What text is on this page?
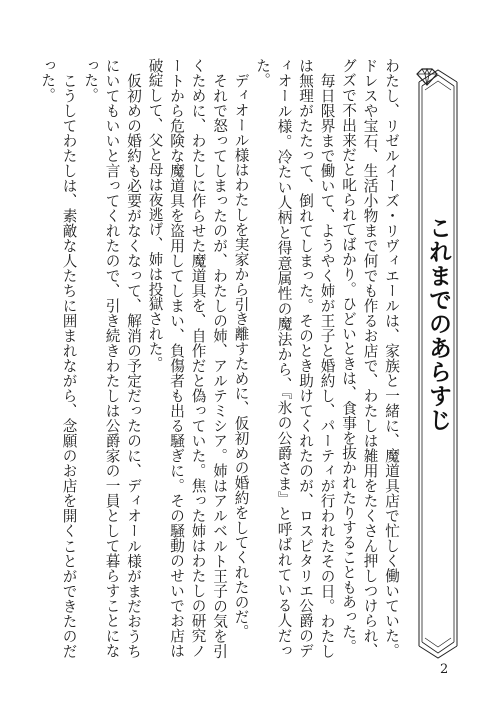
これまでのあらすじ

わたし、リゼルイーズ・リヴィエールは、家族と一緒に、魔道具店で忙しく働いていた。ドレスや宝石、生活小物まで何でも作るお店で、わたしは雑用をたくさん押しつけられ、グズで不出来だと叱られてばかり。ひどいときは、食事を抜かれたりすることもあった。

毎日限界まで働いて、ようやく姉が王子と婚約し、パーティが行われたその日。わたしは無理がたたって、倒れてしまった。そのとき助けてくれたのが、ロスピタリエ公爵のディオール様。冷たい人柄と得意属性の魔法から、『氷の公爵さま』と呼ばれている人だった。

ディオール様はわたしを実家から引き離すために、仮初めの婚約をしてくれたのだ。

それで怒ってしまったのが、わたしの姉、アルテミシア。姉はアルベルト王子の気を引くために、わたしに作らせた魔道具を、自作だと偽っていた。焦った姉はわたしの研究ノートから危険な魔道具を盗用してしまい、負傷者も出る騒ぎに。その騒動のせいでお店は破綻して、父と母は夜逃げ、姉は投獄された。

仮初めの婚約も必要がなくなって、解消の予定だったのに、ディオール様がまだおうちにいてもいいと言ってくれたので、引き続きわたしは公爵家の一員として暮らすことになった。

こうしてわたしは、素敵な人たちに囲まれながら、念願のお店を開くことができたのだった。

2
